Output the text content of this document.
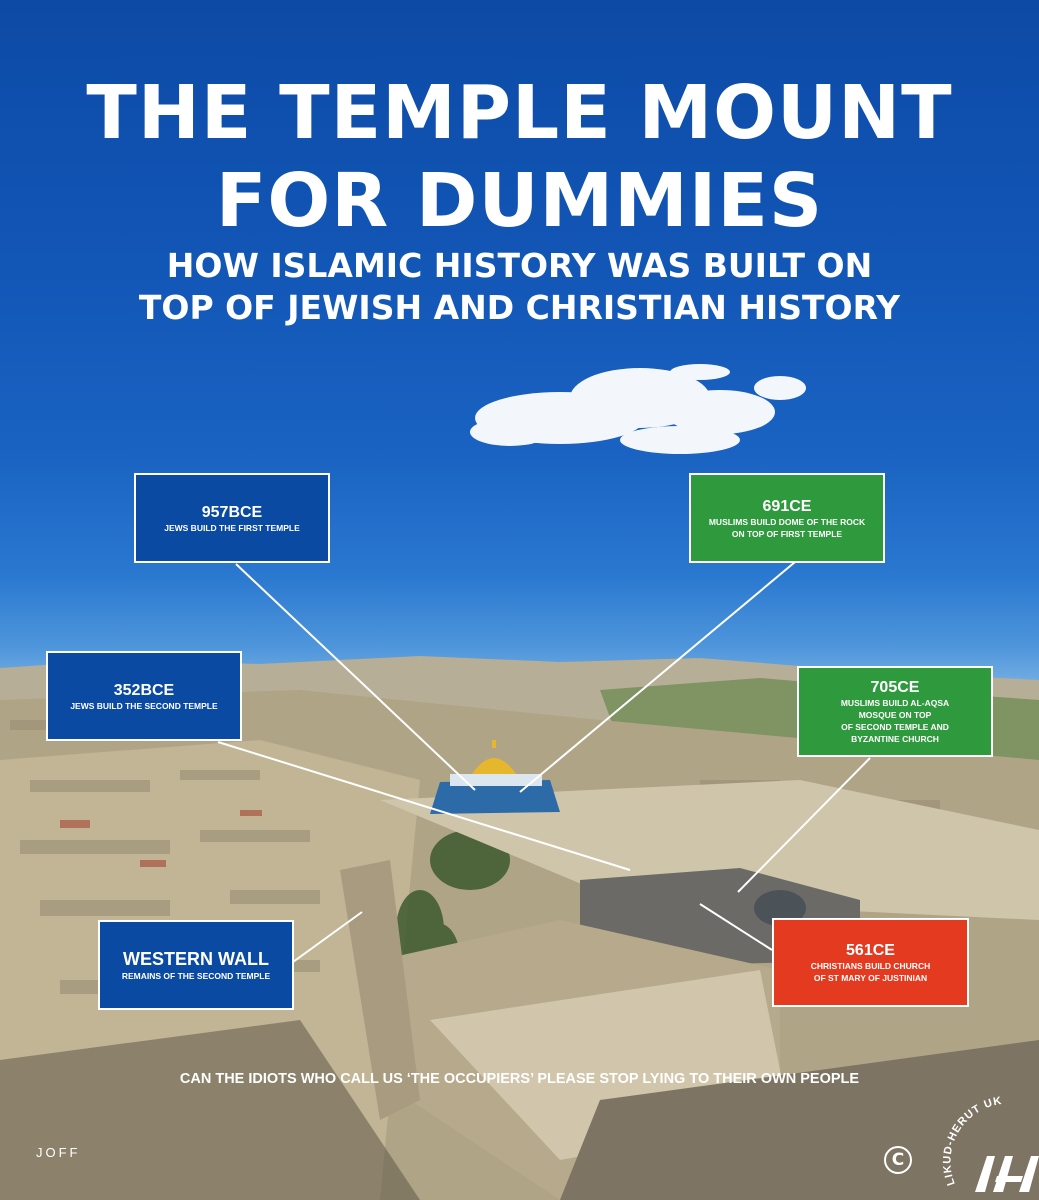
THE TEMPLE MOUNT
FOR DUMMIES
HOW ISLAMIC HISTORY WAS BUILT ON
TOP OF JEWISH AND CHRISTIAN HISTORY
957BCE
JEWS BUILD THE FIRST TEMPLE
691CE
MUSLIMS BUILD DOME OF THE ROCK
ON TOP OF FIRST TEMPLE
352BCE
JEWS BUILD THE SECOND TEMPLE
705CE
MUSLIMS BUILD AL-AQSA
MOSQUE ON TOP
OF SECOND TEMPLE AND
BYZANTINE CHURCH
WESTERN WALL
REMAINS OF THE SECOND TEMPLE
561CE
CHRISTIANS BUILD CHURCH
OF ST MARY OF JUSTINIAN
CAN THE IDIOTS WHO CALL US ‘THE OCCUPIERS’ PLEASE STOP LYING TO THEIR OWN PEOPLE
JOFF	C
LIKUD-HERUT UK
